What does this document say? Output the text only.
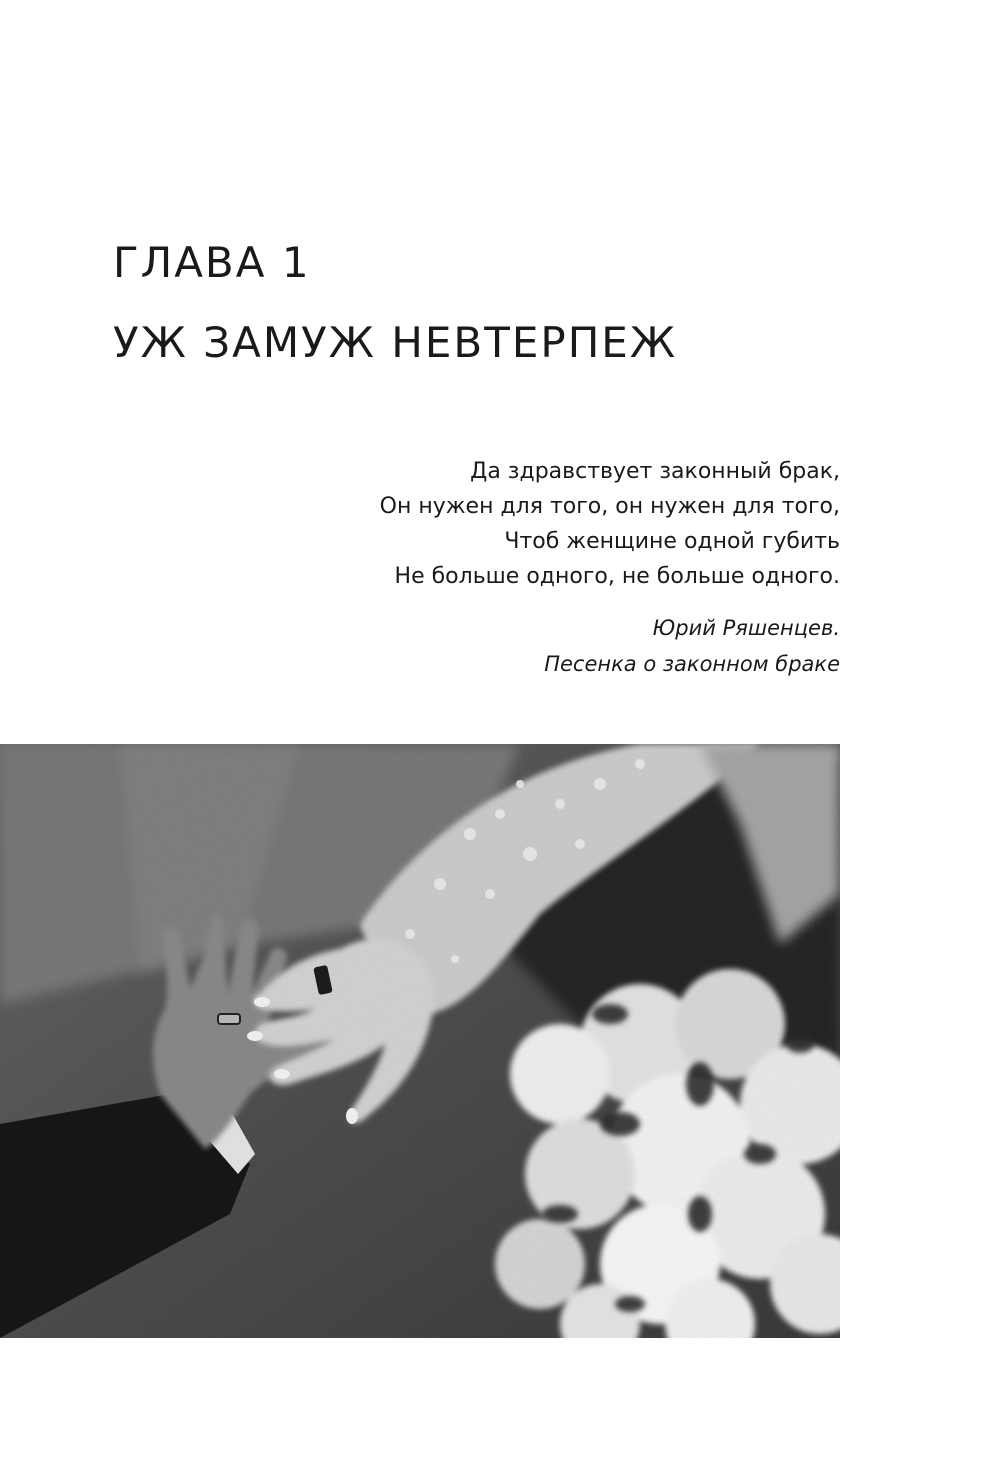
ГЛАВА 1
УЖ ЗАМУЖ НЕВТЕРПЕЖ
Да здравствует законный брак,
Он нужен для того, он нужен для того,
Чтоб женщине одной губить
Не больше одного, не больше одного.
Юрий Ряшенцев.
Песенка о законном браке
